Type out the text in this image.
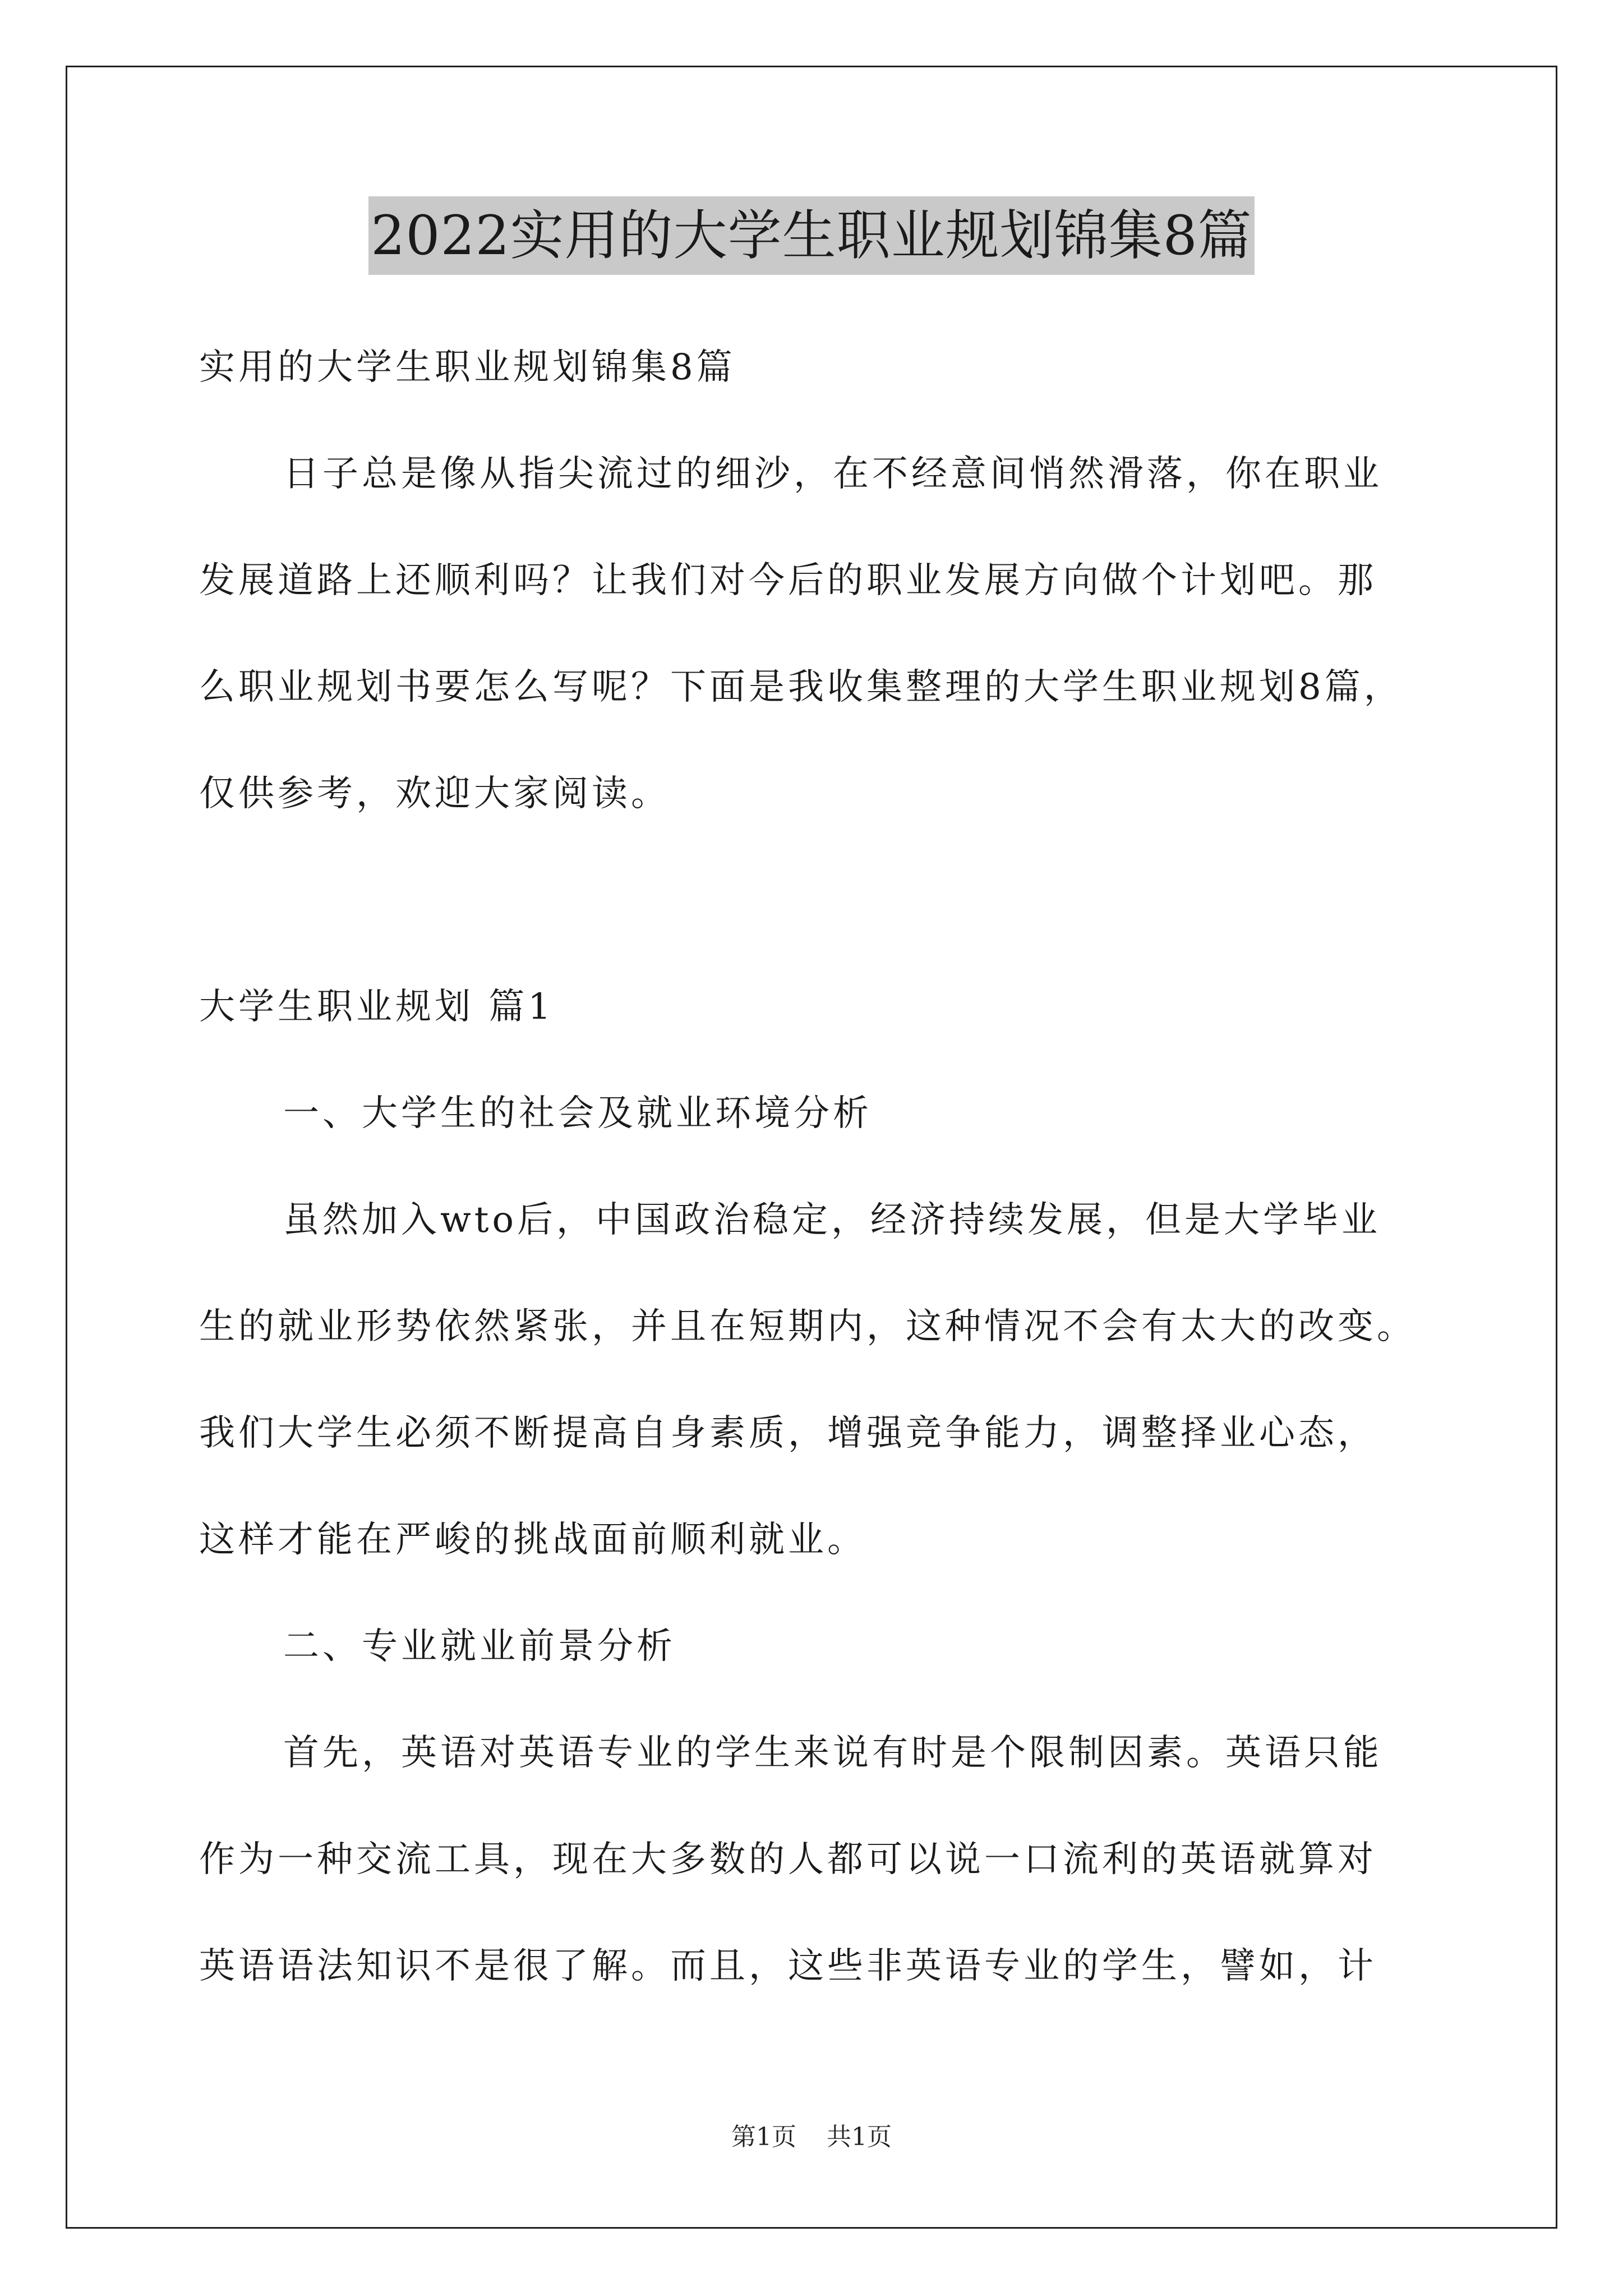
2022实用的大学生职业规划锦集8篇

实用的大学生职业规划锦集8篇

日子总是像从指尖流过的细沙，在不经意间悄然滑落，你在职业

发展道路上还顺利吗？让我们对今后的职业发展方向做个计划吧。那

么职业规划书要怎么写呢？下面是我收集整理的大学生职业规划8篇，

仅供参考，欢迎大家阅读。

大学生职业规划 篇1

一、大学生的社会及就业环境分析

虽然加入wto后，中国政治稳定，经济持续发展，但是大学毕业

生的就业形势依然紧张，并且在短期内，这种情况不会有太大的改变。

我们大学生必须不断提高自身素质，增强竞争能力，调整择业心态，

这样才能在严峻的挑战面前顺利就业。

二、专业就业前景分析

首先，英语对英语专业的学生来说有时是个限制因素。英语只能

作为一种交流工具，现在大多数的人都可以说一口流利的英语就算对

英语语法知识不是很了解。而且，这些非英语专业的学生，譬如，计

第1页 共1页
